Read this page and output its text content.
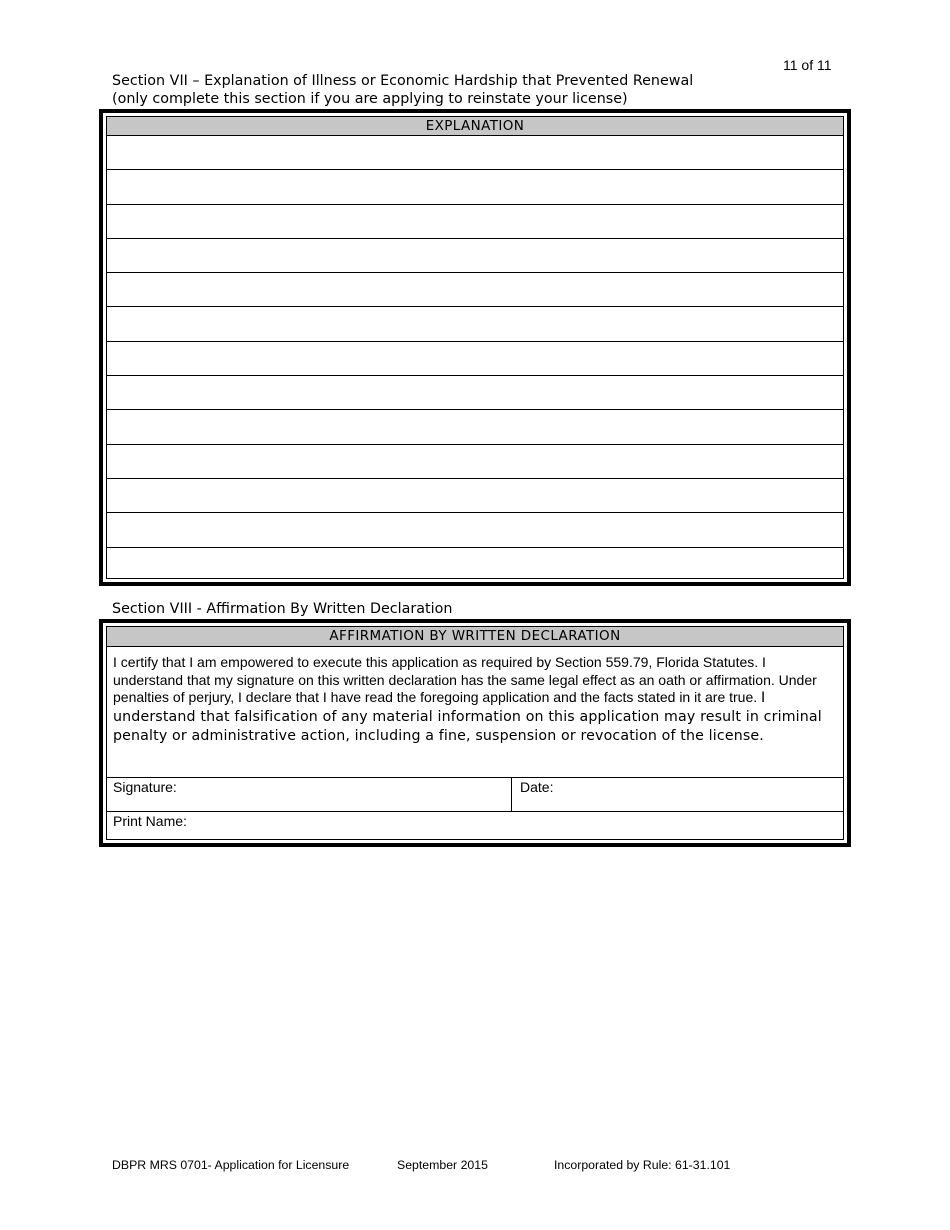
11 of 11
Section VII – Explanation of Illness or Economic Hardship that Prevented Renewal
(only complete this section if you are applying to reinstate your license)
EXPLANATION
Section VIII - Affirmation By Written Declaration
AFFIRMATION BY WRITTEN DECLARATION
I certify that I am empowered to execute this application as required by Section 559.79, Florida Statutes. I understand that my signature on this written declaration has the same legal effect as an oath or affirmation. Under penalties of perjury, I declare that I have read the foregoing application and the facts stated in it are true. I understand that falsification of any material information on this application may result in criminal penalty or administrative action, including a fine, suspension or revocation of the license.
Signature:	Date:
Print Name:
DBPR MRS 0701- Application for Licensure	September 2015	Incorporated by Rule: 61-31.101
